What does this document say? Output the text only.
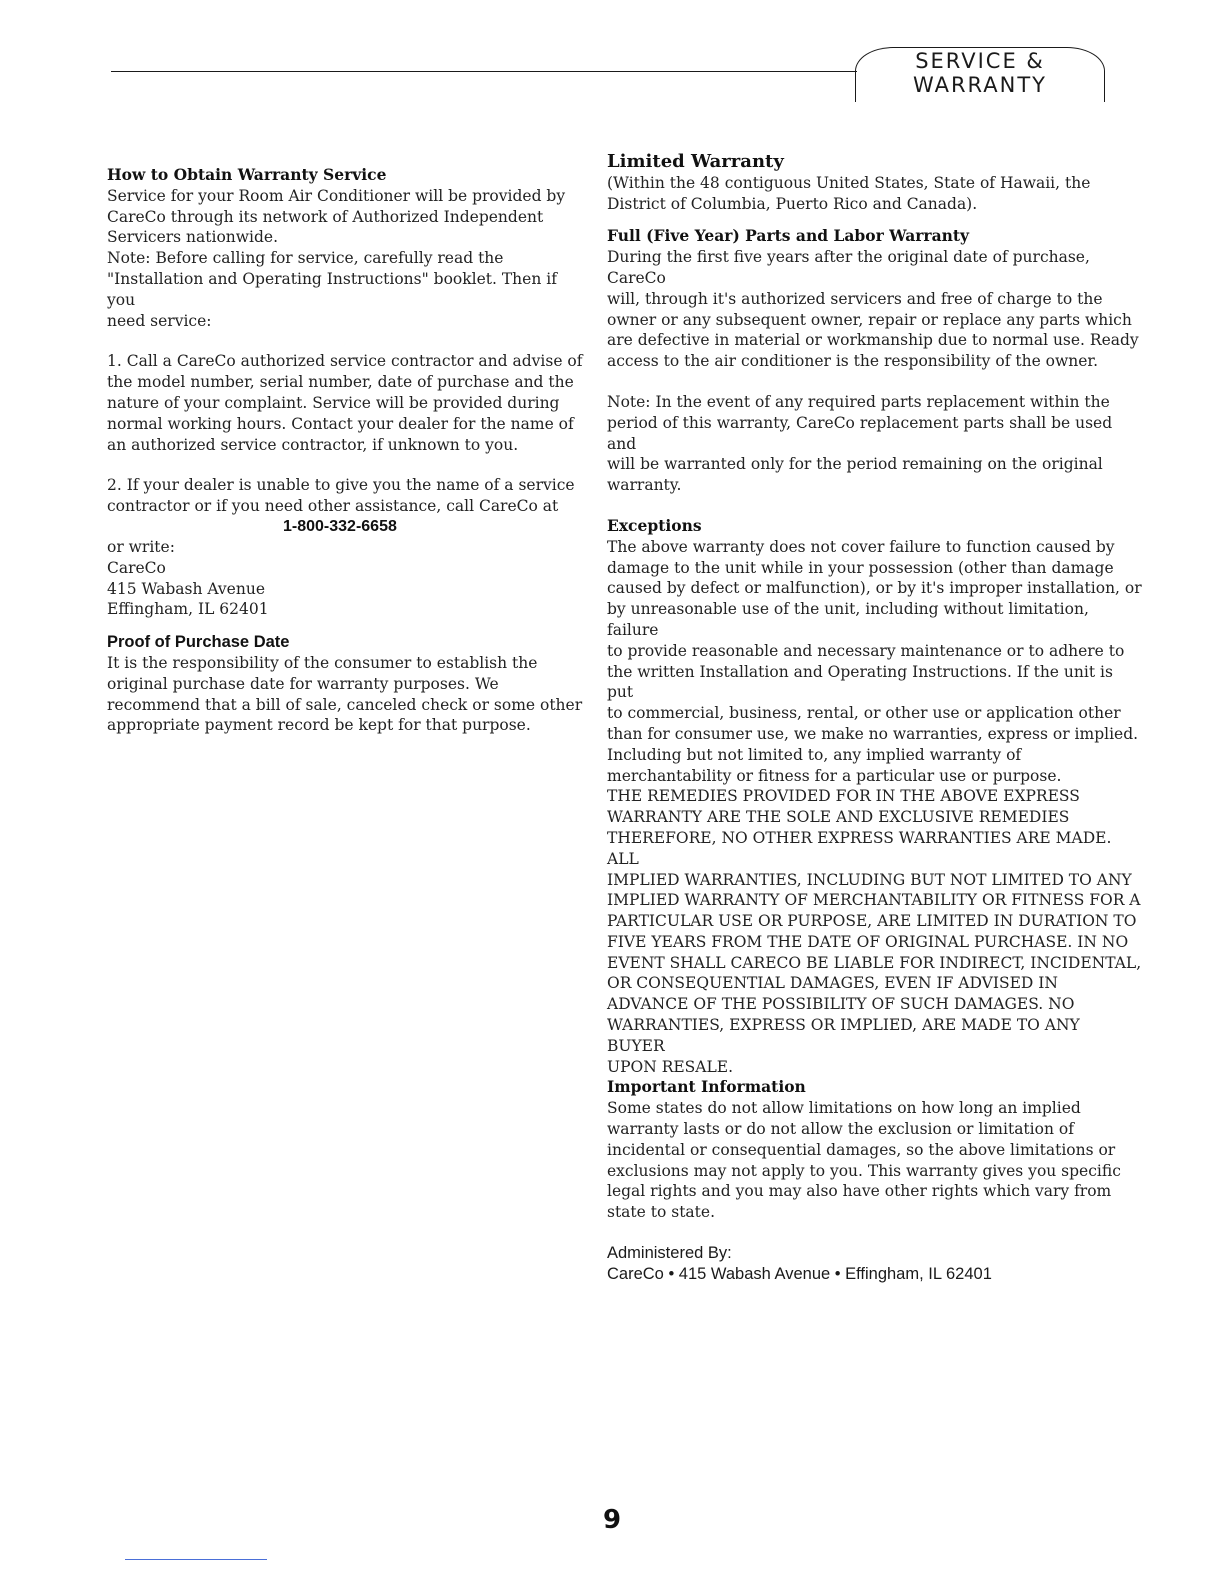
SERVICE &
WARRANTY
How to Obtain Warranty Service

Service for your Room Air Conditioner will be provided by
CareCo through its network of Authorized Independent
Servicers nationwide.
Note: Before calling for service, carefully read the
"Installation and Operating Instructions" booklet. Then if you
need service:

1. Call a CareCo authorized service contractor and advise of
the model number, serial number, date of purchase and the
nature of your complaint. Service will be provided during
normal working hours. Contact your dealer for the name of
an authorized service contractor, if unknown to you.

2. If your dealer is unable to give you the name of a service
contractor or if you need other assistance, call CareCo at

1-800-332-6658

or write:
CareCo
415 Wabash Avenue
Effingham, IL 62401

Proof of Purchase Date

It is the responsibility of the consumer to establish the
original purchase date for warranty purposes. We
recommend that a bill of sale, canceled check or some other
appropriate payment record be kept for that purpose.

Limited Warranty

(Within the 48 contiguous United States, State of Hawaii, the
District of Columbia, Puerto Rico and Canada).

Full (Five Year) Parts and Labor Warranty

During the first five years after the original date of purchase, CareCo
will, through it's authorized servicers and free of charge to the
owner or any subsequent owner, repair or replace any parts which
are defective in material or workmanship due to normal use. Ready
access to the air conditioner is the responsibility of the owner.

Note: In the event of any required parts replacement within the
period of this warranty, CareCo replacement parts shall be used and
will be warranted only for the period remaining on the original
warranty.

Exceptions

The above warranty does not cover failure to function caused by
damage to the unit while in your possession (other than damage
caused by defect or malfunction), or by it's improper installation, or
by unreasonable use of the unit, including without limitation, failure
to provide reasonable and necessary maintenance or to adhere to
the written Installation and Operating Instructions. If the unit is put
to commercial, business, rental, or other use or application other
than for consumer use, we make no warranties, express or implied.
Including but not limited to, any implied warranty of
merchantability or fitness for a particular use or purpose.
THE REMEDIES PROVIDED FOR IN THE ABOVE EXPRESS
WARRANTY ARE THE SOLE AND EXCLUSIVE REMEDIES
THEREFORE, NO OTHER EXPRESS WARRANTIES ARE MADE. ALL
IMPLIED WARRANTIES, INCLUDING BUT NOT LIMITED TO ANY
IMPLIED WARRANTY OF MERCHANTABILITY OR FITNESS FOR A
PARTICULAR USE OR PURPOSE, ARE LIMITED IN DURATION TO
FIVE YEARS FROM THE DATE OF ORIGINAL PURCHASE. IN NO
EVENT SHALL CARECO BE LIABLE FOR INDIRECT, INCIDENTAL,
OR CONSEQUENTIAL DAMAGES, EVEN IF ADVISED IN
ADVANCE OF THE POSSIBILITY OF SUCH DAMAGES. NO
WARRANTIES, EXPRESS OR IMPLIED, ARE MADE TO ANY BUYER
UPON RESALE.

Important Information

Some states do not allow limitations on how long an implied
warranty lasts or do not allow the exclusion or limitation of
incidental or consequential damages, so the above limitations or
exclusions may not apply to you. This warranty gives you specific
legal rights and you may also have other rights which vary from
state to state.

Administered By:
CareCo • 415 Wabash Avenue • Effingham, IL 62401
9
